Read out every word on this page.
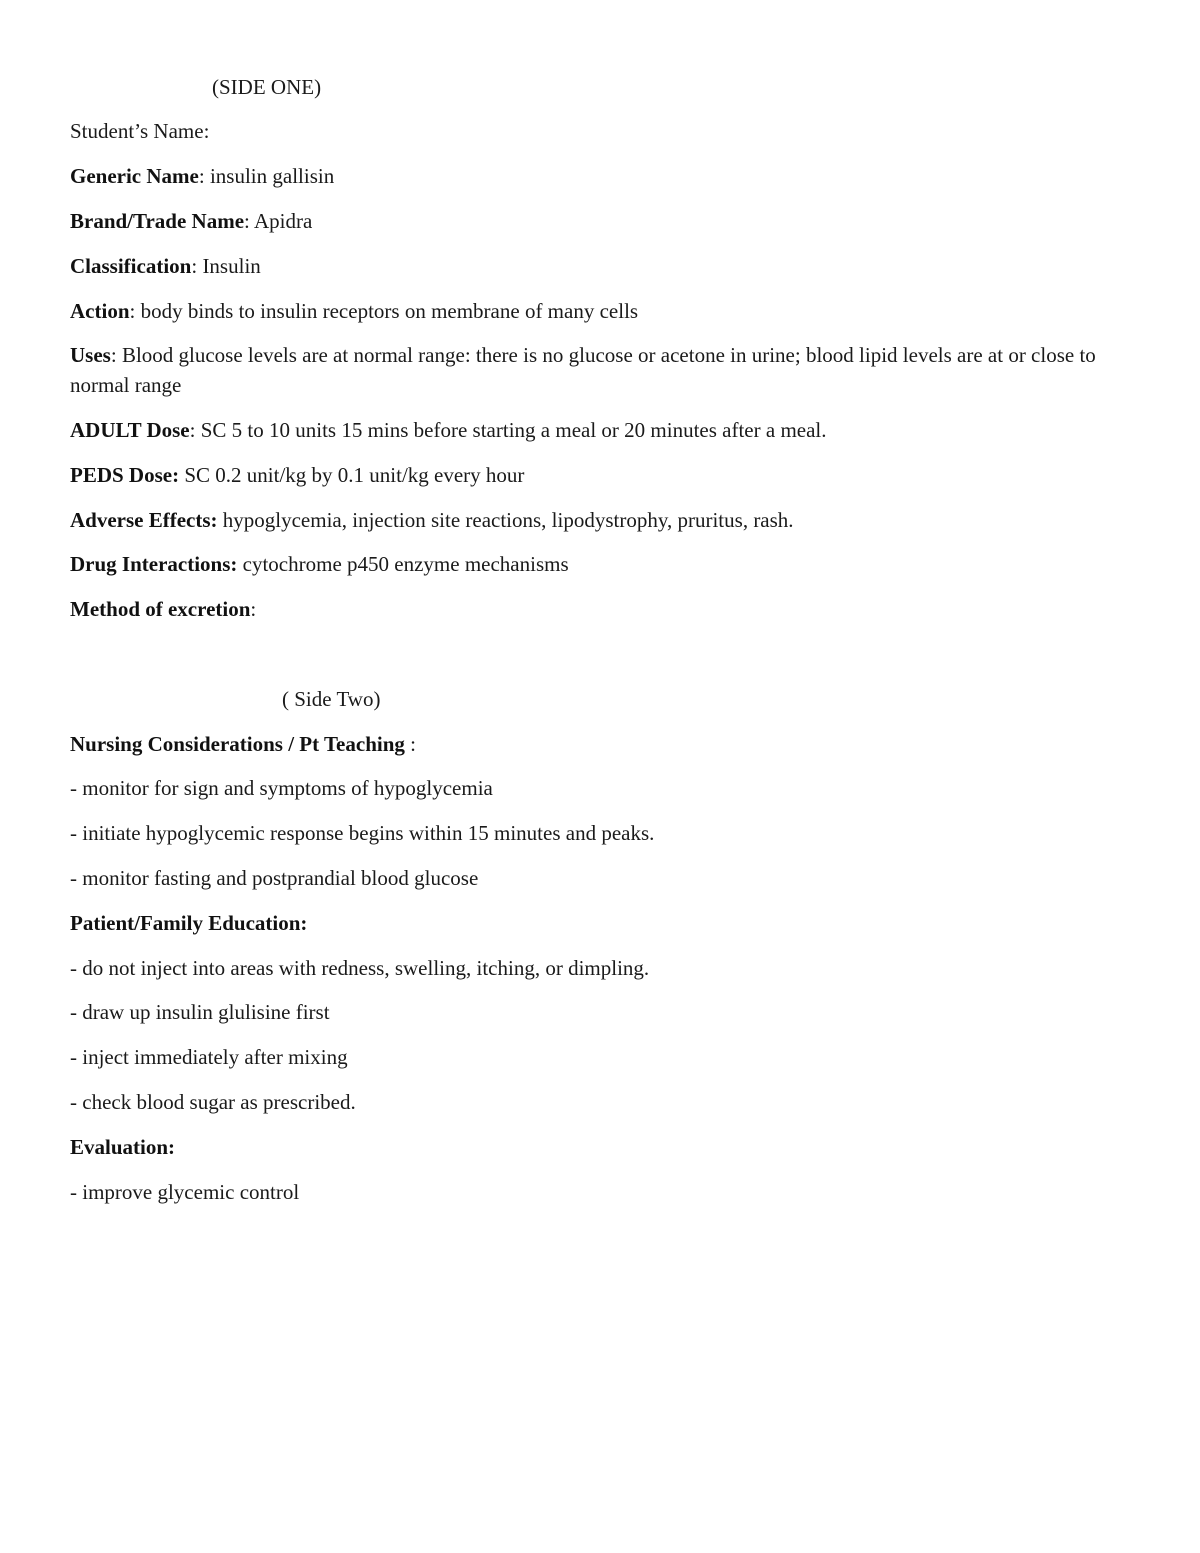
(SIDE ONE)
Student’s Name:
Generic Name: insulin gallisin
Brand/Trade Name: Apidra
Classification: Insulin
Action: body binds to insulin receptors on membrane of many cells
Uses: Blood glucose levels are at normal range: there is no glucose or acetone in urine; blood lipid levels are at or close to normal range
ADULT Dose: SC 5 to 10 units 15 mins before starting a meal or 20 minutes after a meal.
PEDS Dose: SC 0.2 unit/kg by 0.1 unit/kg every hour
Adverse Effects: hypoglycemia, injection site reactions, lipodystrophy, pruritus, rash.
Drug Interactions: cytochrome p450 enzyme mechanisms
Method of excretion:
( Side Two)
Nursing Considerations / Pt Teaching :
- monitor for sign and symptoms of hypoglycemia
- initiate hypoglycemic response begins within 15 minutes and peaks.
- monitor fasting and postprandial blood glucose
Patient/Family Education:
- do not inject into areas with redness, swelling, itching, or dimpling.
- draw up insulin glulisine first
- inject immediately after mixing
- check blood sugar as prescribed.
Evaluation:
- improve glycemic control
